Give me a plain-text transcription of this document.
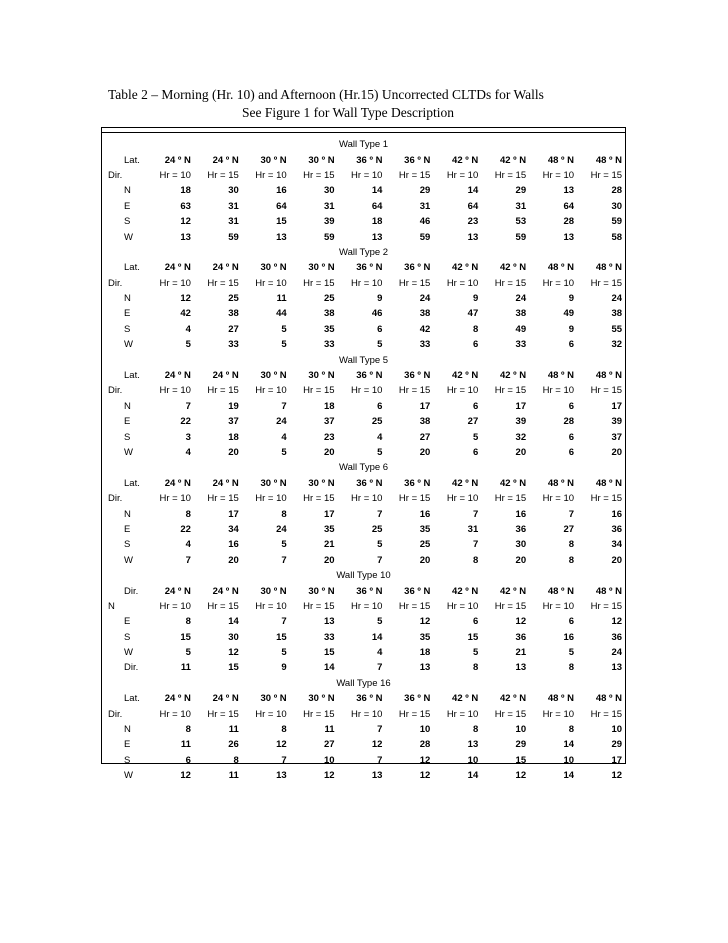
Table 2 – Morning (Hr. 10) and Afternoon (Hr.15) Uncorrected CLTDs for Walls

See Figure 1 for Wall Type Description
Wall Type 1										
Lat.	24 º N	24 º N	30 º N	30 º N	36 º N	36 º N	42 º N	42 º N	48 º N	48 º N
Dir.	Hr = 10	Hr = 15	Hr = 10	Hr = 15	Hr = 10	Hr = 15	Hr = 10	Hr = 15	Hr = 10	Hr = 15
N	18	30	16	30	14	29	14	29	13	28
E	63	31	64	31	64	31	64	31	64	30
S	12	31	15	39	18	46	23	53	28	59
W	13	59	13	59	13	59	13	59	13	58
Wall Type 2										
Lat.	24 º N	24 º N	30 º N	30 º N	36 º N	36 º N	42 º N	42 º N	48 º N	48 º N
Dir.	Hr = 10	Hr = 15	Hr = 10	Hr = 15	Hr = 10	Hr = 15	Hr = 10	Hr = 15	Hr = 10	Hr = 15
N	12	25	11	25	9	24	9	24	9	24
E	42	38	44	38	46	38	47	38	49	38
S	4	27	5	35	6	42	8	49	9	55
W	5	33	5	33	5	33	6	33	6	32
Wall Type 5										
Lat.	24 º N	24 º N	30 º N	30 º N	36 º N	36 º N	42 º N	42 º N	48 º N	48 º N
Dir.	Hr = 10	Hr = 15	Hr = 10	Hr = 15	Hr = 10	Hr = 15	Hr = 10	Hr = 15	Hr = 10	Hr = 15
N	7	19	7	18	6	17	6	17	6	17
E	22	37	24	37	25	38	27	39	28	39
S	3	18	4	23	4	27	5	32	6	37
W	4	20	5	20	5	20	6	20	6	20
Wall Type 6										
Lat.	24 º N	24 º N	30 º N	30 º N	36 º N	36 º N	42 º N	42 º N	48 º N	48 º N
Dir.	Hr = 10	Hr = 15	Hr = 10	Hr = 15	Hr = 10	Hr = 15	Hr = 10	Hr = 15	Hr = 10	Hr = 15
N	8	17	8	17	7	16	7	16	7	16
E	22	34	24	35	25	35	31	36	27	36
S	4	16	5	21	5	25	7	30	8	34
W	7	20	7	20	7	20	8	20	8	20
Wall Type 10										
Dir.	24 º N	24 º N	30 º N	30 º N	36 º N	36 º N	42 º N	42 º N	48 º N	48 º N
N	Hr = 10	Hr = 15	Hr = 10	Hr = 15	Hr = 10	Hr = 15	Hr = 10	Hr = 15	Hr = 10	Hr = 15
E	8	14	7	13	5	12	6	12	6	12
S	15	30	15	33	14	35	15	36	16	36
W	5	12	5	15	4	18	5	21	5	24
Dir.	11	15	9	14	7	13	8	13	8	13
Wall Type 16										
Lat.	24 º N	24 º N	30 º N	30 º N	36 º N	36 º N	42 º N	42 º N	48 º N	48 º N
Dir.	Hr = 10	Hr = 15	Hr = 10	Hr = 15	Hr = 10	Hr = 15	Hr = 10	Hr = 15	Hr = 10	Hr = 15
N	8	11	8	11	7	10	8	10	8	10
E	11	26	12	27	12	28	13	29	14	29
S	6	8	7	10	7	12	10	15	10	17
W	12	11	13	12	13	12	14	12	14	12
